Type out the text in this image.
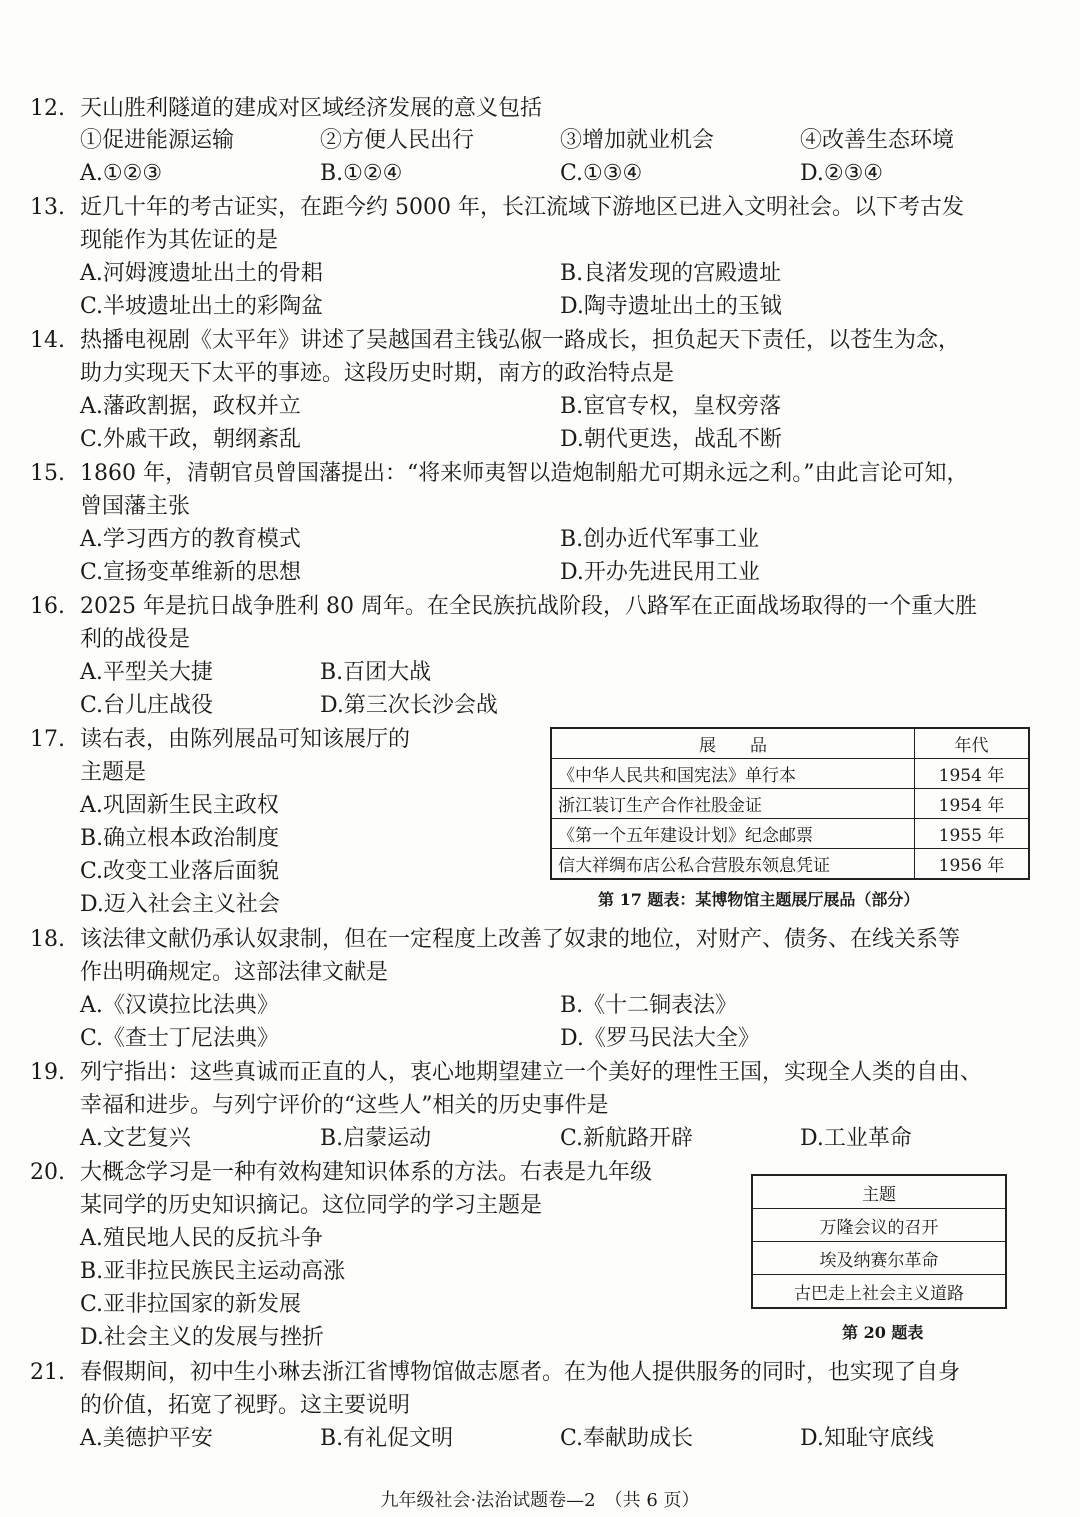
12. 天山胜利隧道的建成对区域经济发展的意义包括
①促进能源运输	②方便人民出行	③增加就业机会	④改善生态环境
A.①②③	B.①②④	C.①③④	D.②③④
13. 近几十年的考古证实，在距今约 5000 年，长江流域下游地区已进入文明社会。以下考古发
现能作为其佐证的是
A.河姆渡遗址出土的骨耜	B.良渚发现的宫殿遗址
C.半坡遗址出土的彩陶盆	D.陶寺遗址出土的玉钺
14. 热播电视剧《太平年》讲述了吴越国君主钱弘俶一路成长，担负起天下责任，以苍生为念，
助力实现天下太平的事迹。这段历史时期，南方的政治特点是
A.藩政割据，政权并立	B.宦官专权，皇权旁落
C.外戚干政，朝纲紊乱	D.朝代更迭，战乱不断
15. 1860 年，清朝官员曾国藩提出：“将来师夷智以造炮制船尤可期永远之利。”由此言论可知，
曾国藩主张
A.学习西方的教育模式	B.创办近代军事工业
C.宣扬变革维新的思想	D.开办先进民用工业
16. 2025 年是抗日战争胜利 80 周年。在全民族抗战阶段，八路军在正面战场取得的一个重大胜
利的战役是
A.平型关大捷	B.百团大战
C.台儿庄战役	D.第三次长沙会战
17. 读右表，由陈列展品可知该展厅的
主题是
A.巩固新生民主政权
B.确立根本政治制度
C.改变工业落后面貌
D.迈入社会主义社会
展　　品	年代
《中华人民共和国宪法》单行本	1954 年
浙江装订生产合作社股金证	1954 年
《第一个五年建设计划》纪念邮票	1955 年
信大祥绸布店公私合营股东领息凭证	1956 年
第 17 题表：某博物馆主题展厅展品（部分）
18. 该法律文献仍承认奴隶制，但在一定程度上改善了奴隶的地位，对财产、债务、在线关系等
作出明确规定。这部法律文献是
A.《汉谟拉比法典》	B.《十二铜表法》
C.《查士丁尼法典》	D.《罗马民法大全》
19. 列宁指出：这些真诚而正直的人，衷心地期望建立一个美好的理性王国，实现全人类的自由、
幸福和进步。与列宁评价的“这些人”相关的历史事件是
A.文艺复兴	B.启蒙运动	C.新航路开辟	D.工业革命
20. 大概念学习是一种有效构建知识体系的方法。右表是九年级
某同学的历史知识摘记。这位同学的学习主题是
A.殖民地人民的反抗斗争
B.亚非拉民族民主运动高涨
C.亚非拉国家的新发展
D.社会主义的发展与挫折
主题
万隆会议的召开
埃及纳赛尔革命
古巴走上社会主义道路
第 20 题表
21. 春假期间，初中生小琳去浙江省博物馆做志愿者。在为他人提供服务的同时，也实现了自身
的价值，拓宽了视野。这主要说明
A.美德护平安	B.有礼促文明	C.奉献助成长	D.知耻守底线
九年级社会·法治试题卷—2　（共 6 页）
